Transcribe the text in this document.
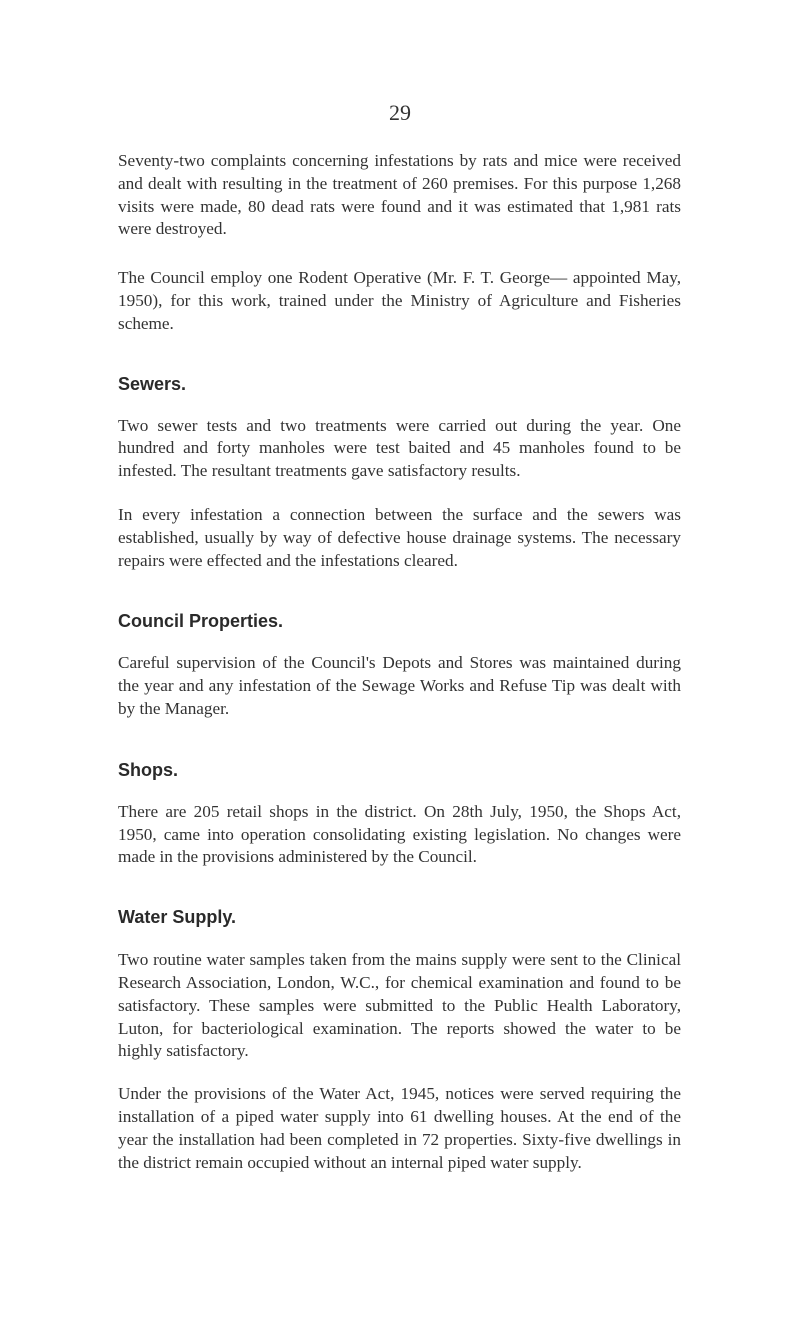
29

Seventy-two complaints concerning infestations by rats and mice were received and dealt with resulting in the treatment of 260 premises. For this purpose 1,268 visits were made, 80 dead rats were found and it was estimated that 1,981 rats were destroyed.

The Council employ one Rodent Operative (Mr. F. T. George— appointed May, 1950), for this work, trained under the Ministry of Agriculture and Fisheries scheme.

Sewers.

Two sewer tests and two treatments were carried out during the year. One hundred and forty manholes were test baited and 45 manholes found to be infested. The resultant treatments gave satisfactory results.

In every infestation a connection between the surface and the sewers was established, usually by way of defective house drainage systems. The necessary repairs were effected and the infestations cleared.

Council Properties.

Careful supervision of the Council's Depots and Stores was maintained during the year and any infestation of the Sewage Works and Refuse Tip was dealt with by the Manager.

Shops.

There are 205 retail shops in the district. On 28th July, 1950, the Shops Act, 1950, came into operation consolidating existing legislation. No changes were made in the provisions administered by the Council.

Water Supply.

Two routine water samples taken from the mains supply were sent to the Clinical Research Association, London, W.C., for chemical examination and found to be satisfactory. These samples were submitted to the Public Health Laboratory, Luton, for bacteriological examination. The reports showed the water to be highly satisfactory.

Under the provisions of the Water Act, 1945, notices were served requiring the installation of a piped water supply into 61 dwelling houses. At the end of the year the installation had been completed in 72 properties. Sixty-five dwellings in the district remain occupied without an internal piped water supply.
